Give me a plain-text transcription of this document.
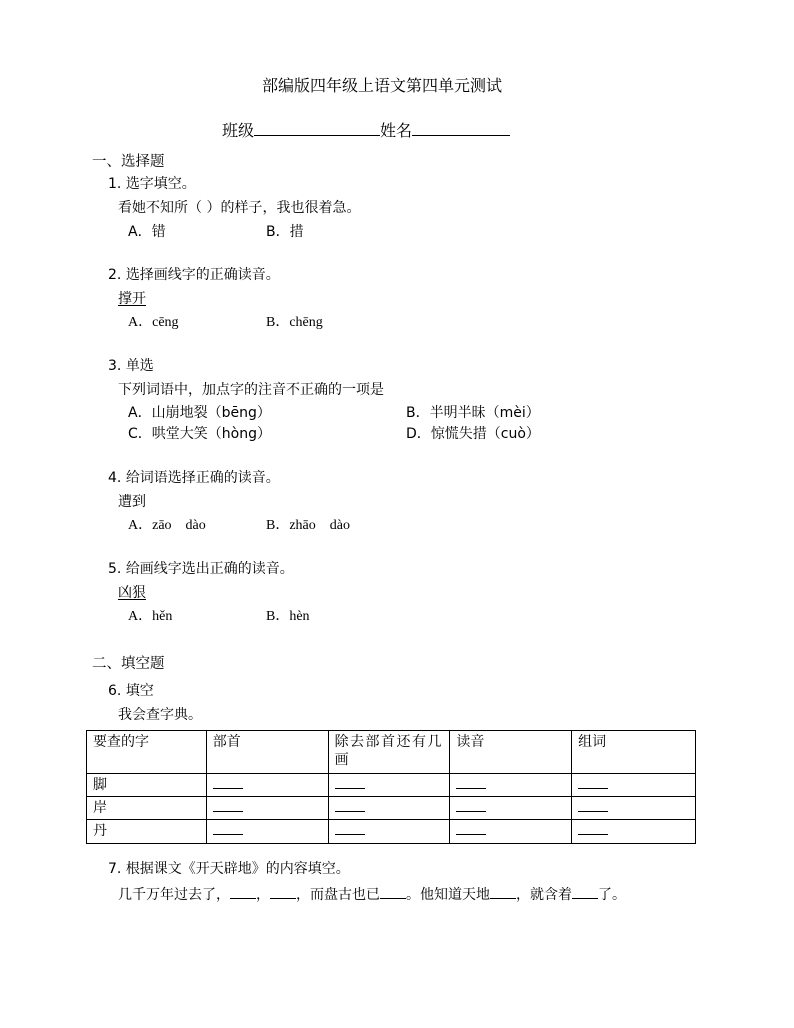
部编版四年级上语文第四单元测试
班级	姓名
一、选择题
1. 选字填空。
看她不知所（ ）的样子，我也很着急。
A．错	B．措
2. 选择画线字的正确读音。
撑开
A．cēng	B．chēng
3. 单选
下列词语中，加点字的注音不正确的一项是
A．山崩地裂（bēng）	B．半明半昧（mèi）
C．哄堂大笑（hòng）	D．惊慌失措（cuò）
4. 给词语选择正确的读音。
遭到
A．zāo　dào	B．zhāo　dào
5. 给画线字选出正确的读音。
凶狠
A．hěn	B．hèn
二、填空题
6. 填空
我会查字典。
要查的字	部首	除去部首还有几画	读音	组词
脚				
岸				
丹				
7. 根据课文《开天辟地》的内容填空。
几千万年过去了， ， ，而盘古也已 。他知道天地 ，就含着 了。
